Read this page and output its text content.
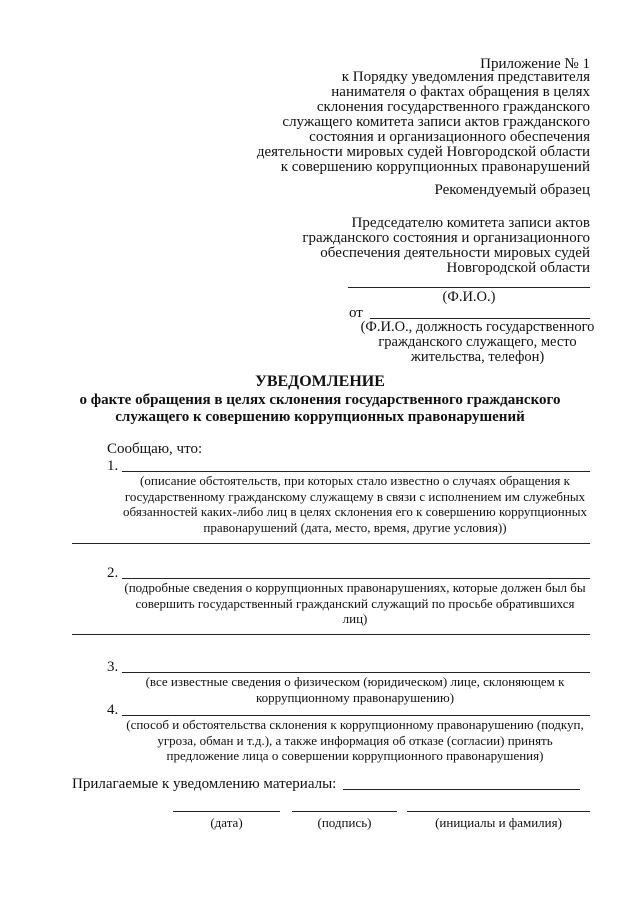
Приложение № 1
к Порядку уведомления представителя
нанимателя о фактах обращения в целях
склонения государственного гражданского
служащего комитета записи актов гражданского
состояния и организационного обеспечения
деятельности мировых судей Новгородской области
к совершению коррупционных правонарушений
Рекомендуемый образец
Председателю комитета записи актов
гражданского состояния и организационного
обеспечения деятельности мировых судей
Новгородской области
(Ф.И.О.)
от
(Ф.И.О., должность государственного
гражданского служащего, место
жительства, телефон)
УВЕДОМЛЕНИЕ
о факте обращения в целях склонения государственного гражданского
служащего к совершению коррупционных правонарушений
Сообщаю, что:
1.
(описание обстоятельств, при которых стало известно о случаях обращения к
государственному гражданскому служащему в связи с исполнением им служебных
обязанностей каких-либо лиц в целях склонения его к совершению коррупционных
правонарушений (дата, место, время, другие условия))
2.
(подробные сведения о коррупционных правонарушениях, которые должен был бы
совершить государственный гражданский служащий по просьбе обратившихся
лиц)
3.
(все известные сведения о физическом (юридическом) лице, склоняющем к
коррупционному правонарушению)
4.
(способ и обстоятельства склонения к коррупционному правонарушению (подкуп,
угроза, обман и т.д.), а также информация об отказе (согласии) принять
предложение лица о совершении коррупционного правонарушения)
Прилагаемые к уведомлению материалы:
(дата)	(подпись)	(инициалы и фамилия)
